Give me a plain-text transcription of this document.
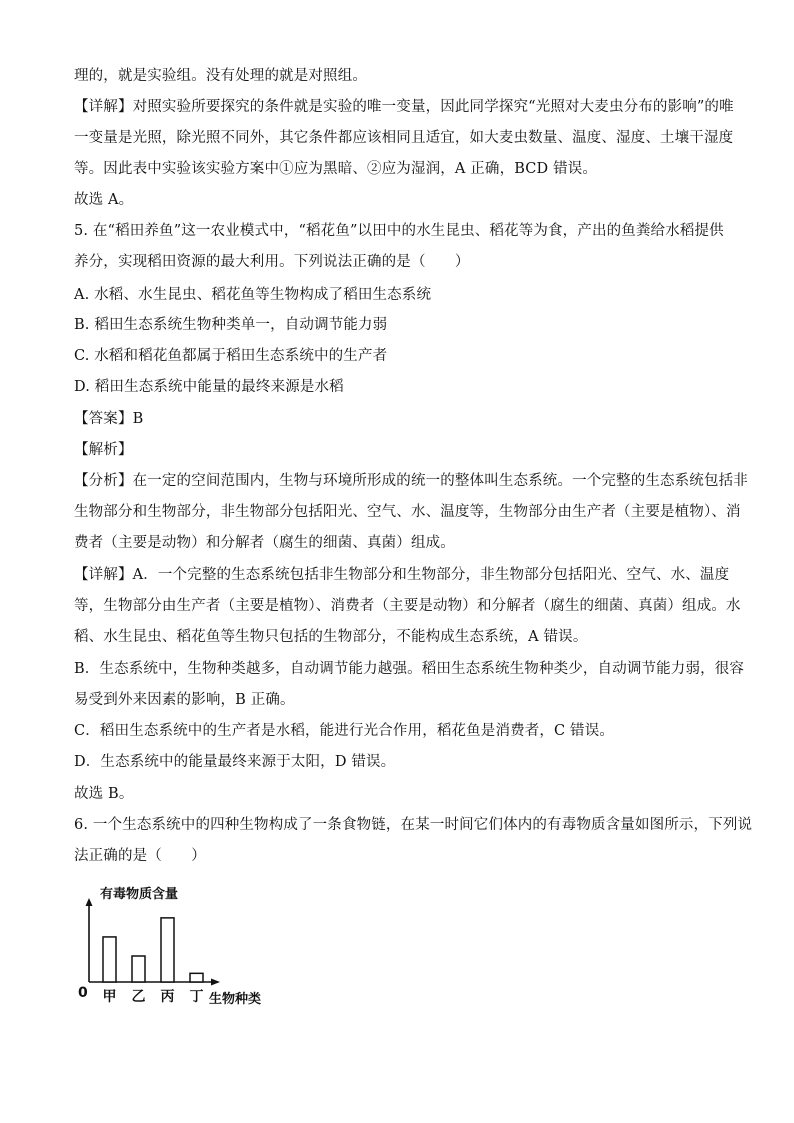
理的，就是实验组。没有处理的就是对照组。
【详解】对照实验所要探究的条件就是实验的唯一变量，因此同学探究“光照对大麦虫分布的影响”的唯
一变量是光照，除光照不同外，其它条件都应该相同且适宜，如大麦虫数量、温度、湿度、土壤干湿度
等。因此表中实验该实验方案中①应为黑暗、②应为湿润，A 正确，BCD 错误。
故选 A。
5. 在“稻田养鱼”这一农业模式中，“稻花鱼”以田中的水生昆虫、稻花等为食，产出的鱼粪给水稻提供
养分，实现稻田资源的最大利用。下列说法正确的是（　　）
A. 水稻、水生昆虫、稻花鱼等生物构成了稻田生态系统
B. 稻田生态系统生物种类单一，自动调节能力弱
C. 水稻和稻花鱼都属于稻田生态系统中的生产者
D. 稻田生态系统中能量的最终来源是水稻
【答案】B
【解析】
【分析】在一定的空间范围内，生物与环境所形成的统一的整体叫生态系统。一个完整的生态系统包括非
生物部分和生物部分，非生物部分包括阳光、空气、水、温度等，生物部分由生产者（主要是植物）、消
费者（主要是动物）和分解者（腐生的细菌、真菌）组成。
【详解】A．一个完整的生态系统包括非生物部分和生物部分，非生物部分包括阳光、空气、水、温度
等，生物部分由生产者（主要是植物）、消费者（主要是动物）和分解者（腐生的细菌、真菌）组成。水
稻、水生昆虫、稻花鱼等生物只包括的生物部分，不能构成生态系统，A 错误。
B．生态系统中，生物种类越多，自动调节能力越强。稻田生态系统生物种类少，自动调节能力弱，很容
易受到外来因素的影响，B 正确。
C．稻田生态系统中的生产者是水稻，能进行光合作用，稻花鱼是消费者，C 错误。
D．生态系统中的能量最终来源于太阳，D 错误。
故选 B。
6. 一个生态系统中的四种生物构成了一条食物链，在某一时间它们体内的有毒物质含量如图所示，下列说
法正确的是（　　）
有毒物质含量
0 甲 乙 丙 丁 生物种类
